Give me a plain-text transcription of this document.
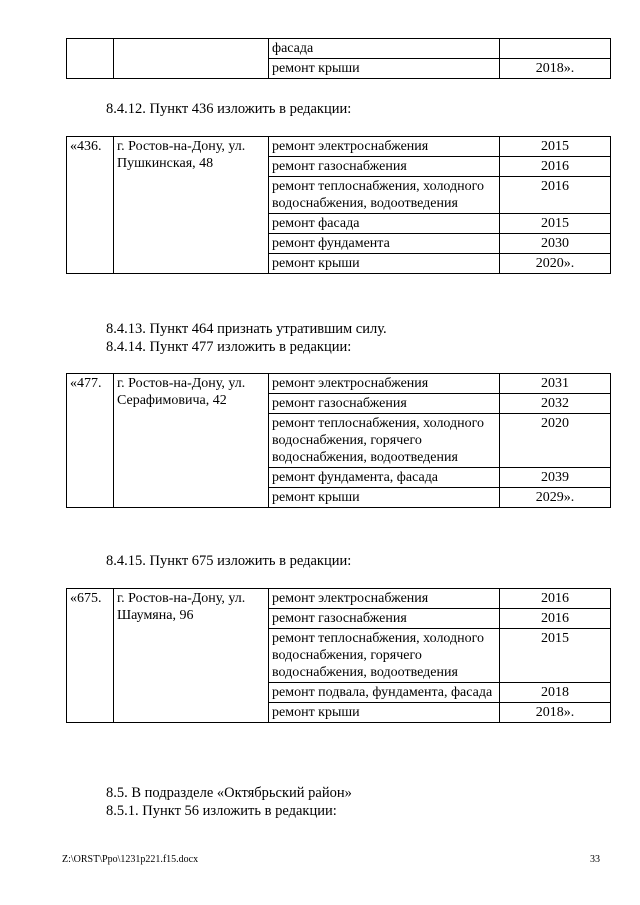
		фасада	
		ремонт крыши	2018».

8.4.12. Пункт 436 изложить в редакции:

«436.	г. Ростов-на-Дону, ул. Пушкинская, 48	ремонт электроснабжения	2015
		ремонт газоснабжения	2016
		ремонт теплоснабжения, холодного водоснабжения, водоотведения	2016
		ремонт фасада	2015
		ремонт фундамента	2030
		ремонт крыши	2020».

8.4.13. Пункт 464 признать утратившим силу.

8.4.14. Пункт 477 изложить в редакции:

«477.	г. Ростов-на-Дону, ул. Серафимовича, 42	ремонт электроснабжения	2031
		ремонт газоснабжения	2032
		ремонт теплоснабжения, холодного водоснабжения, горячего водоснабжения, водоотведения	2020
		ремонт фундамента, фасада	2039
		ремонт крыши	2029».

8.4.15. Пункт 675 изложить в редакции:

«675.	г. Ростов-на-Дону, ул. Шаумяна, 96	ремонт электроснабжения	2016
		ремонт газоснабжения	2016
		ремонт теплоснабжения, холодного водоснабжения, горячего водоснабжения, водоотведения	2015
		ремонт подвала, фундамента, фасада	2018
		ремонт крыши	2018».

8.5. В подразделе «Октябрьский район»

8.5.1. Пункт 56 изложить в редакции:

Z:\ORST\Ppo\1231p221.f15.docx	33
